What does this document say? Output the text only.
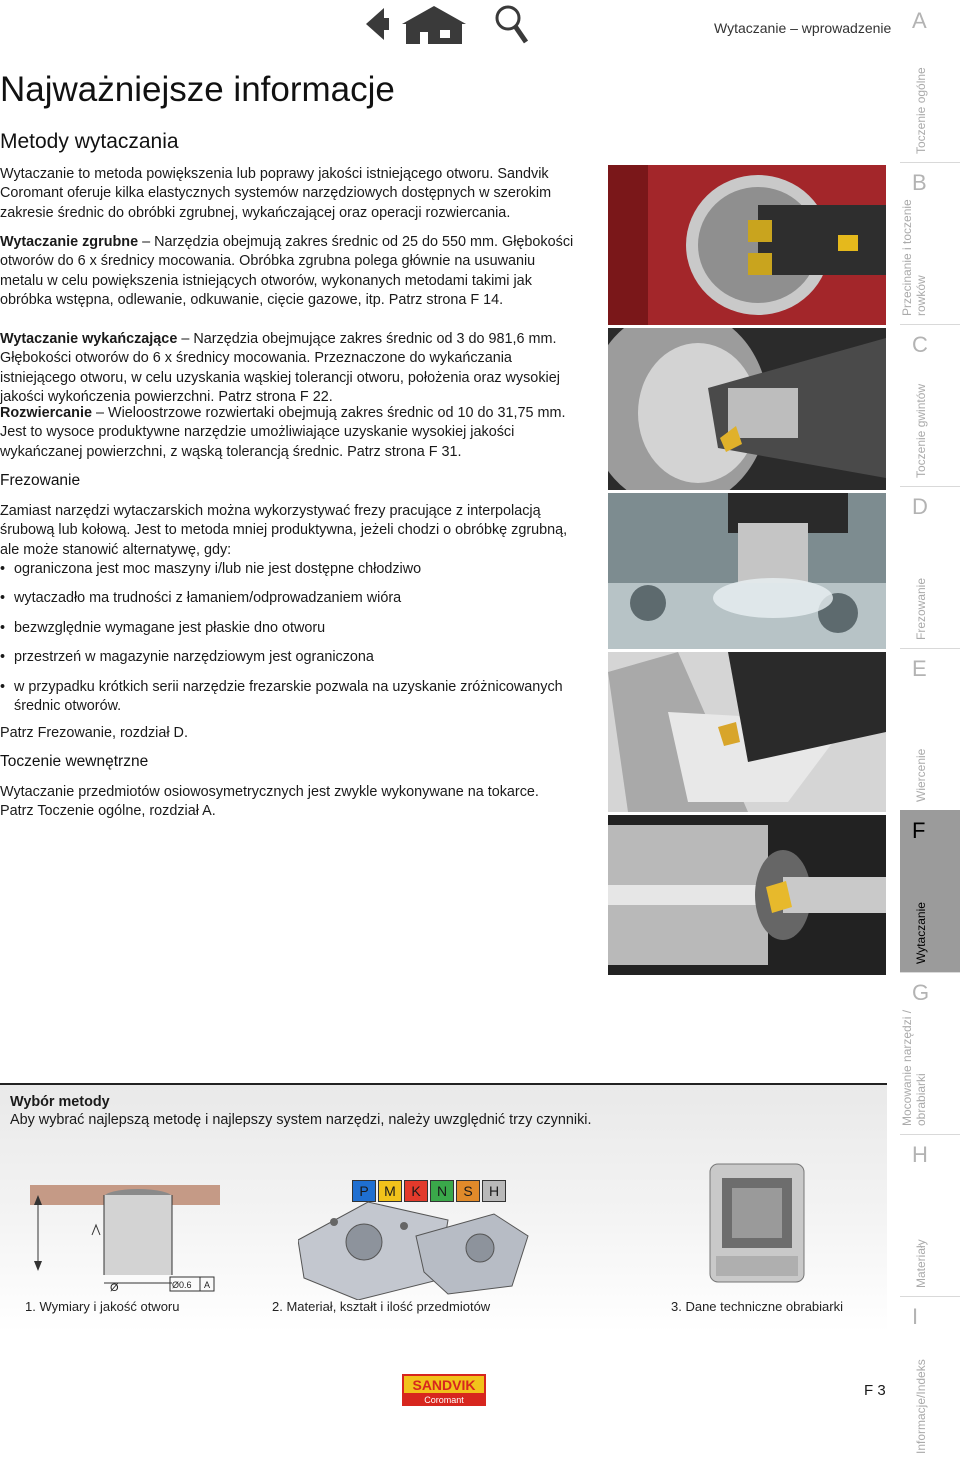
Wytaczanie – wprowadzenie A
Toczenie ogólne
B
Przecinanie i toczenie rowków
C
Toczenie gwintów
D
Frezowanie
E
Wiercenie
F
Wytaczanie
G
Mocowanie narzędzi / obrabiarki
H
Materiały
I
Informacje/Indeks
Najważniejsze informacje
Metody wytaczania
Wytaczanie to metoda powiększenia lub poprawy jakości istniejącego otworu. Sandvik Coromant oferuje kilka elastycznych systemów narzędziowych dostępnych w szerokim zakresie średnic do obróbki zgrubnej, wykańczającej oraz operacji rozwiercania.
Wytaczanie zgrubne – Narzędzia obejmują zakres średnic od 25 do 550 mm. Głębokości otworów do 6 x średnicy mocowania. Obróbka zgrubna polega głównie na usuwaniu metalu w celu powiększenia istniejących otworów, wykonanych metodami takimi jak obróbka wstępna, odlewanie, odkuwanie, cięcie gazowe, itp. Patrz strona F 14.
Wytaczanie wykańczające – Narzędzia obejmujące zakres średnic od 3 do 981,6 mm. Głębokości otworów do 6 x średnicy mocowania. Przeznaczone do wykańczania istniejącego otworu, w celu uzyskania wąskiej tolerancji otworu, położenia oraz wysokiej jakości wykończenia powierzchni. Patrz strona F 22.
Rozwiercanie – Wieloostrzowe rozwiertaki obejmują zakres średnic od 10 do 31,75 mm. Jest to wysoce produktywne narzędzie umożliwiające uzyskanie wysokiej jakości wykańczanej powierzchni, z wąską tolerancją średnic. Patrz strona F 31.
Frezowanie
Zamiast narzędzi wytaczarskich można wykorzystywać frezy pracujące z interpolacją śrubową lub kołową. Jest to metoda mniej produktywna, jeżeli chodzi o obróbkę zgrubną, ale może stanowić alternatywę, gdy:
• ograniczona jest moc maszyny i/lub nie jest dostępne chłodziwo
• wytaczadło ma trudności z łamaniem/odprowadzaniem wióra
• bezwzględnie wymagane jest płaskie dno otworu
• przestrzeń w magazynie narzędziowym jest ograniczona
• w przypadku krótkich serii narzędzie frezarskie pozwala na uzyskanie zróżnicowanych średnic otworów.
Patrz Frezowanie, rozdział D.
Toczenie wewnętrzne
Wytaczanie przedmiotów osiowosymetrycznych jest zwykle wykonywane na tokarce. Patrz Toczenie ogólne, rozdział A.
Wybór metody
Aby wybrać najlepszą metodę i najlepszy system narzędzi, należy uwzględnić trzy czynniki.
Ø	Ø0.6 A
P	M	K	N	S	H
1. Wymiary i jakość otworu	2. Materiał, kształt i ilość przedmiotów	3. Dane techniczne obrabiarki
SANDVIK
Coromant
F 3
